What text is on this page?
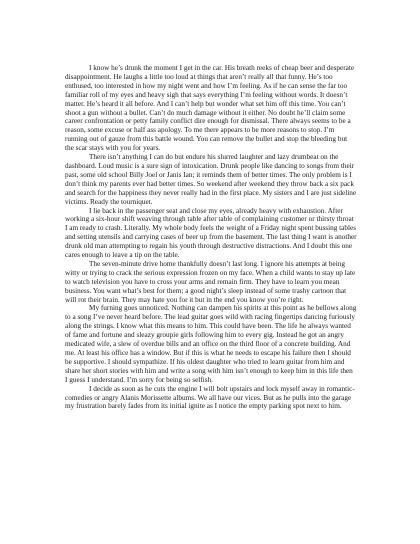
I know he’s drunk the moment I get in the car. His breath reeks of cheap beer and desperate disappointment. He laughs a little too loud at things that aren’t really all that funny. He’s too enthused, too interested in how my night went and how I’m feeling. As if he can sense the far too familiar roll of my eyes and heavy sigh that says everything I’m feeling without words. It doesn’t matter. He’s heard it all before. And I can’t help but wonder what set him off this time. You can’t shoot a gun without a bullet. Can’t do much damage without it either. No doubt he’ll claim some career confrontation or petty family conflict dire enough for dismissal. There always seems to be a reason, some excuse or half ass apology. To me there appears to be more reasons to stop. I’m running out of gauze from this battle wound. You can remove the bullet and stop the bleeding but the scar stays with you for years.

There isn’t anything I can do but endure his slurred laughter and lazy drumbeat on the dashboard. Loud music is a sure sign of intoxication. Drunk people like dancing to songs from their past, some old school Billy Joel or Janis Ian; it reminds them of better times. The only problem is I don’t think my parents ever had better times. So weekend after weekend they throw back a six pack and search for the happiness they never really had in the first place. My sisters and I are just sideline victims. Ready the tourniquet.

I lie back in the passenger seat and close my eyes, already heavy with exhaustion. After working a six-hour shift weaving through table after table of complaining customer or thirsty throat I am ready to crash. Literally. My whole body feels the weight of a Friday night spent bussing tables and setting utensils and carrying cases of beer up from the basement. The last thing I want is another drunk old man attempting to regain his youth through destructive distractions. And I doubt this one cares enough to leave a tip on the table.

The seven-minute drive home thankfully doesn’t last long. I ignore his attempts at being witty or trying to crack the serious expression frozen on my face. When a child wants to stay up late to watch television you have to cross your arms and remain firm. They have to learn you mean business. You want what’s best for them; a good night’s sleep instead of some trashy cartoon that will rot their brain. They may hate you for it but in the end you know you’re right.

My furning goes unnoticed. Nothing can dampen his spirits at this point as he bellows along to a song I’ve never heard before. The lead guitar goes wild with racing fingertips dancing furiously along the strings. I know what this means to him. This could have been. The life he always wanted of fame and fortune and sleazy groupie girls following him to every gig. Instead he got an angry medicated wife, a slew of overdue bills and an office on the third floor of a concrete building. And me. At least his office has a window. But if this is what he needs to escape his failure then I should be supportive. I should sympathize. If his oldest daughter who tried to learn guitar from him and share her short stories with him and write a song with him isn’t enough to keep him in this life then I guess I understand. I’m sorry for being so selfish.

I decide as soon as he cuts the engine I will bolt upstairs and lock myself away in romantic-comedies or angry Alanis Morissette albums. We all have our vices. But as he pulls into the garage my frustration barely fades from its initial ignite as I notice the empty parking spot next to him.
